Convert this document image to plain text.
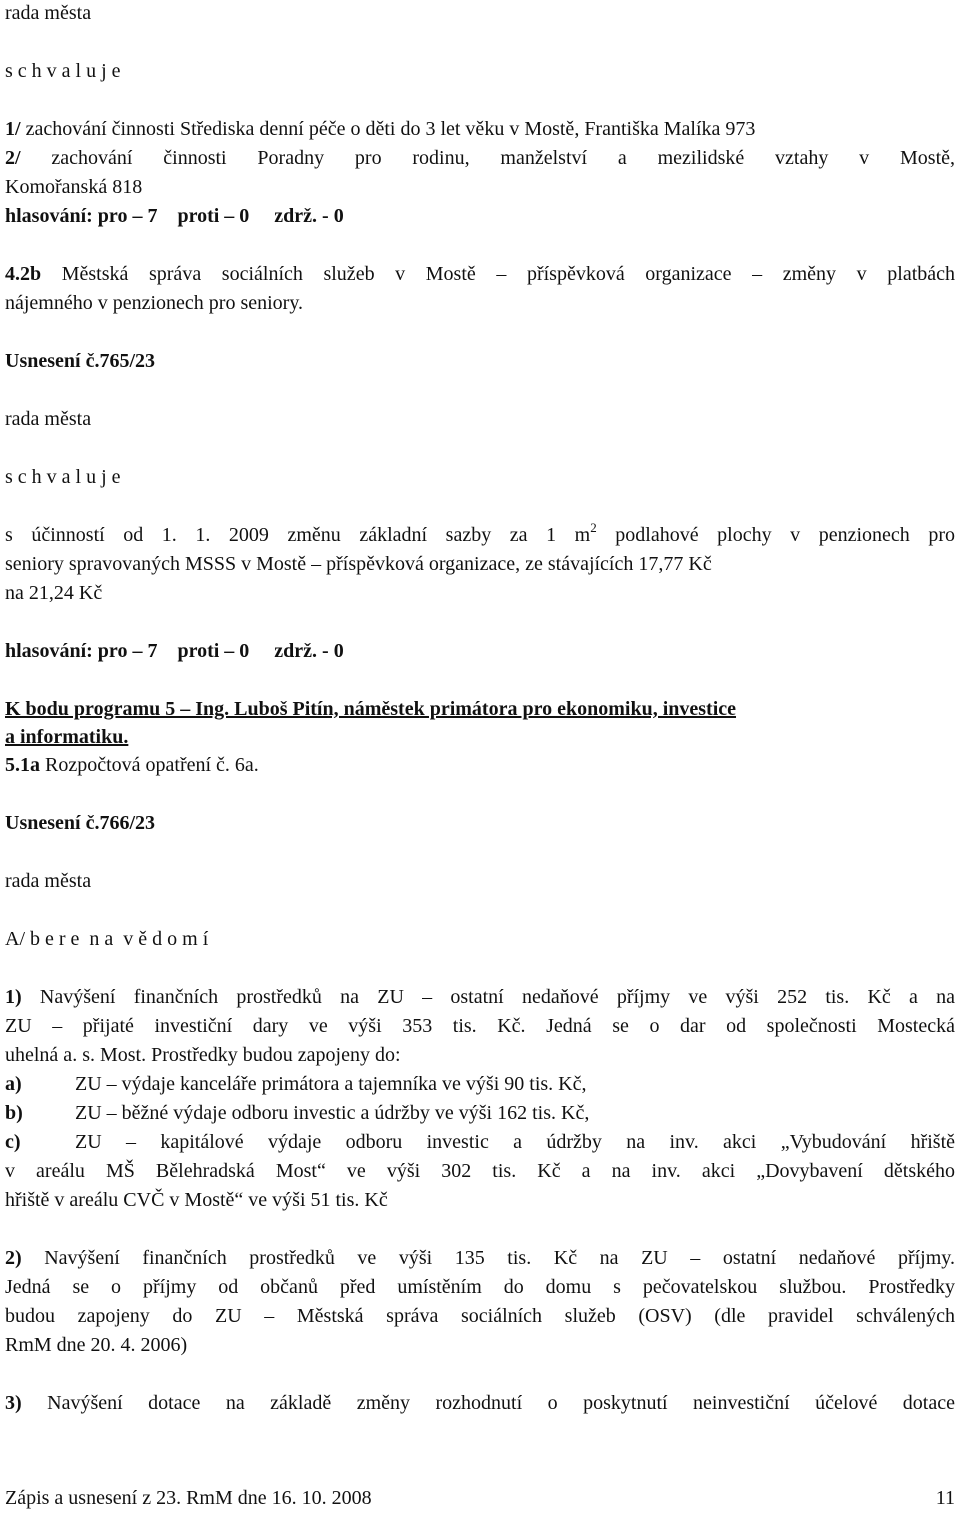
rada města
s c h v a l u j e
1/ zachování činnosti Střediska denní péče o děti do 3 let věku v Mostě, Františka Malíka 973
2/ zachování činnosti Poradny pro rodinu, manželství a mezilidské vztahy v Mostě,
Komořanská 818
hlasování: pro – 7    proti – 0     zdrž. - 0
4.2b Městská správa sociálních služeb v Mostě – příspěvková organizace – změny v platbách
nájemného v penzionech pro seniory.
Usnesení č.765/23
rada města
s c h v a l u j e
s účinností od 1. 1. 2009 změnu základní sazby za 1 $m^2$ podlahové plochy v penzionech pro
seniory spravovaných MSSS v Mostě – příspěvková organizace, ze stávajících 17,77 Kč
na 21,24 Kč
hlasování: pro – 7    proti – 0     zdrž. - 0
K bodu programu 5 – Ing. Luboš Pitín, náměstek primátora pro ekonomiku, investice
a informatiku.
5.1a Rozpočtová opatření č. 6a.
Usnesení č.766/23
rada města
A/ b e r e  n a  v ě d o m í
1) Navýšení finančních prostředků na ZU – ostatní nedaňové příjmy ve výši 252 tis. Kč a na
ZU – přijaté investiční dary ve výši 353 tis. Kč. Jedná se o dar od společnosti Mostecká
uhelná a. s. Most. Prostředky budou zapojeny do:
a)	ZU – výdaje kanceláře primátora a tajemníka ve výši 90 tis. Kč,
b)	ZU – běžné výdaje odboru investic a údržby ve výši 162 tis. Kč,
c)	ZU – kapitálové výdaje odboru investic a údržby na inv. akci „Vybudování hřiště
v areálu MŠ Bělehradská Most“ ve výši 302 tis. Kč a na inv. akci „Dovybavení dětského
hřiště v areálu CVČ v Mostě“ ve výši 51 tis. Kč
2) Navýšení finančních prostředků ve výši 135 tis. Kč na ZU – ostatní nedaňové příjmy.
Jedná se o příjmy od občanů před umístěním do domu s pečovatelskou službou. Prostředky
budou zapojeny do ZU – Městská správa sociálních služeb (OSV) (dle pravidel schválených
RmM dne 20. 4. 2006)
3) Navýšení dotace na základě změny rozhodnutí o poskytnutí neinvestiční účelové dotace
Zápis a usnesení z 23. RmM dne 16. 10. 2008	11
